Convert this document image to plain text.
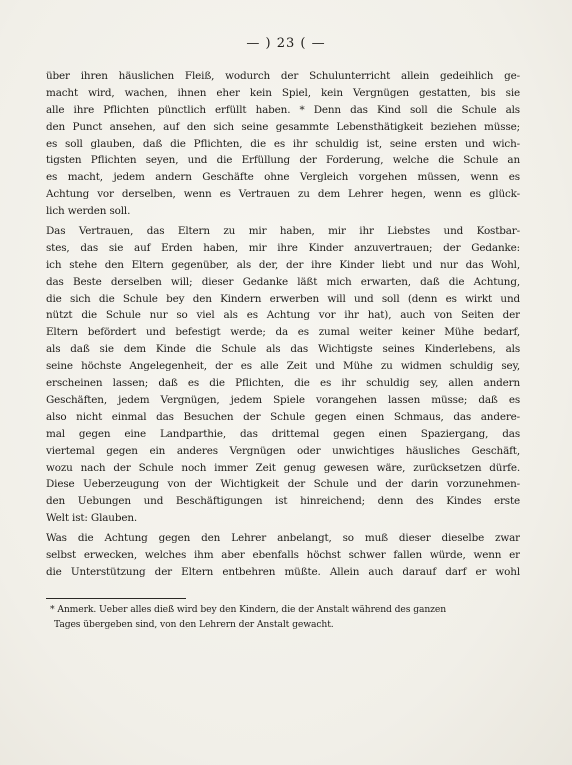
— ) 23 ( —
über ihren häuslichen Fleiß, wodurch der Schulunterricht allein gedeihlich ge-
macht wird, wachen, ihnen eher kein Spiel, kein Vergnügen gestatten, bis sie
alle ihre Pflichten pünctlich erfüllt haben. * Denn das Kind soll die Schule als
den Punct ansehen, auf den sich seine gesammte Lebensthätigkeit beziehen müsse;
es soll glauben, daß die Pflichten, die es ihr schuldig ist, seine ersten und wich-
tigsten Pflichten seyen, und die Erfüllung der Forderung, welche die Schule an
es macht, jedem andern Geschäfte ohne Vergleich vorgehen müssen, wenn es
Achtung vor derselben, wenn es Vertrauen zu dem Lehrer hegen, wenn es glück-
lich werden soll.
Das Vertrauen, das Eltern zu mir haben, mir ihr Liebstes und Kostbar-
stes, das sie auf Erden haben, mir ihre Kinder anzuvertrauen; der Gedanke:
ich stehe den Eltern gegenüber, als der, der ihre Kinder liebt und nur das Wohl,
das Beste derselben will; dieser Gedanke läßt mich erwarten, daß die Achtung,
die sich die Schule bey den Kindern erwerben will und soll (denn es wirkt und
nützt die Schule nur so viel als es Achtung vor ihr hat), auch von Seiten der
Eltern befördert und befestigt werde; da es zumal weiter keiner Mühe bedarf,
als daß sie dem Kinde die Schule als das Wichtigste seines Kinderlebens, als
seine höchste Angelegenheit, der es alle Zeit und Mühe zu widmen schuldig sey,
erscheinen lassen; daß es die Pflichten, die es ihr schuldig sey, allen andern
Geschäften, jedem Vergnügen, jedem Spiele vorangehen lassen müsse; daß es
also nicht einmal das Besuchen der Schule gegen einen Schmaus, das andere-
mal gegen eine Landparthie, das drittemal gegen einen Spaziergang, das
viertemal gegen ein anderes Vergnügen oder unwichtiges häusliches Geschäft,
wozu nach der Schule noch immer Zeit genug gewesen wäre, zurücksetzen dürfe.
Diese Ueberzeugung von der Wichtigkeit der Schule und der darin vorzunehmen-
den Uebungen und Beschäftigungen ist hinreichend; denn des Kindes erste
Welt ist: Glauben.
Was die Achtung gegen den Lehrer anbelangt, so muß dieser dieselbe zwar
selbst erwecken, welches ihm aber ebenfalls höchst schwer fallen würde, wenn er
die Unterstützung der Eltern entbehren müßte. Allein auch darauf darf er wohl
* Anmerk. Ueber alles dieß wird bey den Kindern, die der Anstalt während des ganzen
Tages übergeben sind, von den Lehrern der Anstalt gewacht.
